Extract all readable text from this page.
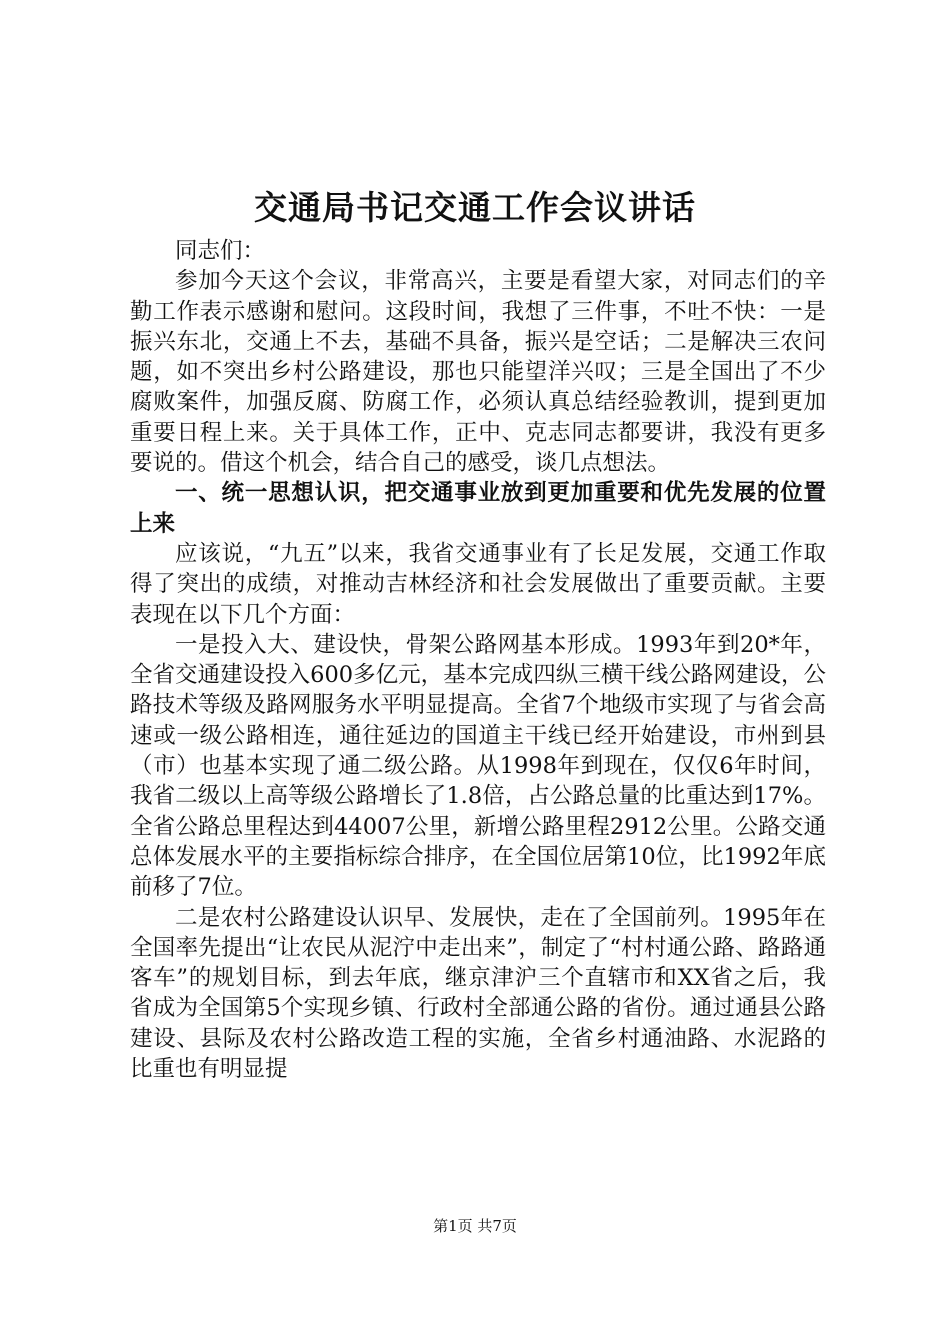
交通局书记交通工作会议讲话

同志们：

参加今天这个会议，非常高兴，主要是看望大家，对同志们的辛勤工作表示感谢和慰问。这段时间，我想了三件事，不吐不快：一是振兴东北，交通上不去，基础不具备，振兴是空话；二是解决三农问题，如不突出乡村公路建设，那也只能望洋兴叹；三是全国出了不少腐败案件，加强反腐、防腐工作，必须认真总结经验教训，提到更加重要日程上来。关于具体工作，正中、克志同志都要讲，我没有更多要说的。借这个机会，结合自己的感受，谈几点想法。

一、统一思想认识，把交通事业放到更加重要和优先发展的位置上来

应该说，“九五”以来，我省交通事业有了长足发展，交通工作取得了突出的成绩，对推动吉林经济和社会发展做出了重要贡献。主要表现在以下几个方面：

一是投入大、建设快，骨架公路网基本形成。1993年到20*年，全省交通建设投入600多亿元，基本完成四纵三横干线公路网建设，公路技术等级及路网服务水平明显提高。全省7个地级市实现了与省会高速或一级公路相连，通往延边的国道主干线已经开始建设，市州到县（市）也基本实现了通二级公路。从1998年到现在，仅仅6年时间，我省二级以上高等级公路增长了1.8倍，占公路总量的比重达到17%。全省公路总里程达到44007公里，新增公路里程2912公里。公路交通总体发展水平的主要指标综合排序，在全国位居第10位，比1992年底前移了7位。

二是农村公路建设认识早、发展快，走在了全国前列。1995年在全国率先提出“让农民从泥泞中走出来”，制定了“村村通公路、路路通客车”的规划目标，到去年底，继京津沪三个直辖市和XX省之后，我省成为全国第5个实现乡镇、行政村全部通公路的省份。通过通县公路建设、县际及农村公路改造工程的实施，全省乡村通油路、水泥路的比重也有明显提

第1页 共7页
